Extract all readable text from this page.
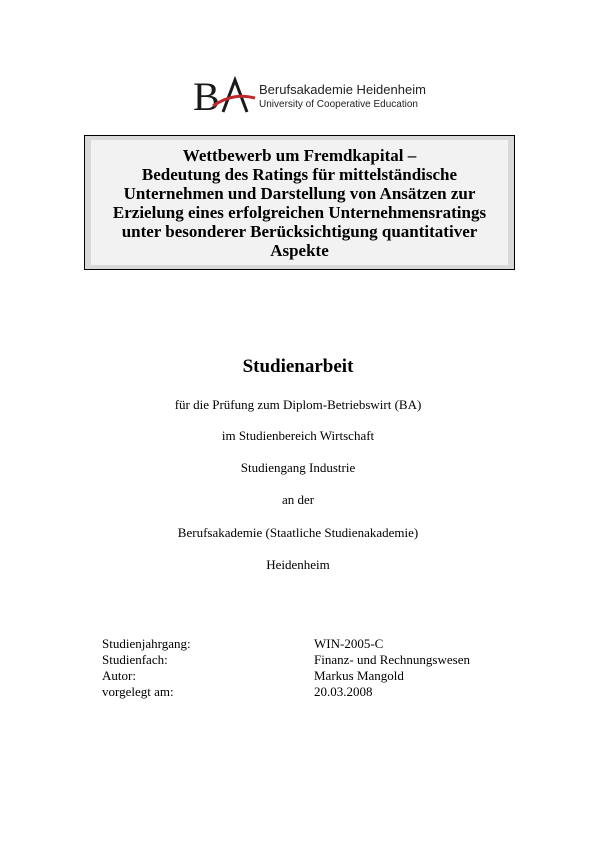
B	Berufsakademie Heidenheim
University of Cooperative Education
Wettbewerb um Fremdkapital –
Bedeutung des Ratings für mittelständische
Unternehmen und Darstellung von Ansätzen zur
Erzielung eines erfolgreichen Unternehmensratings
unter besonderer Berücksichtigung quantitativer
Aspekte
Studienarbeit

für die Prüfung zum Diplom-Betriebswirt (BA)

im Studienbereich Wirtschaft

Studiengang Industrie

an der

Berufsakademie (Staatliche Studienakademie)

Heidenheim

Studienjahrgang:	WIN-2005-C
Studienfach:	Finanz- und Rechnungswesen
Autor:	Markus Mangold
vorgelegt am:	20.03.2008
